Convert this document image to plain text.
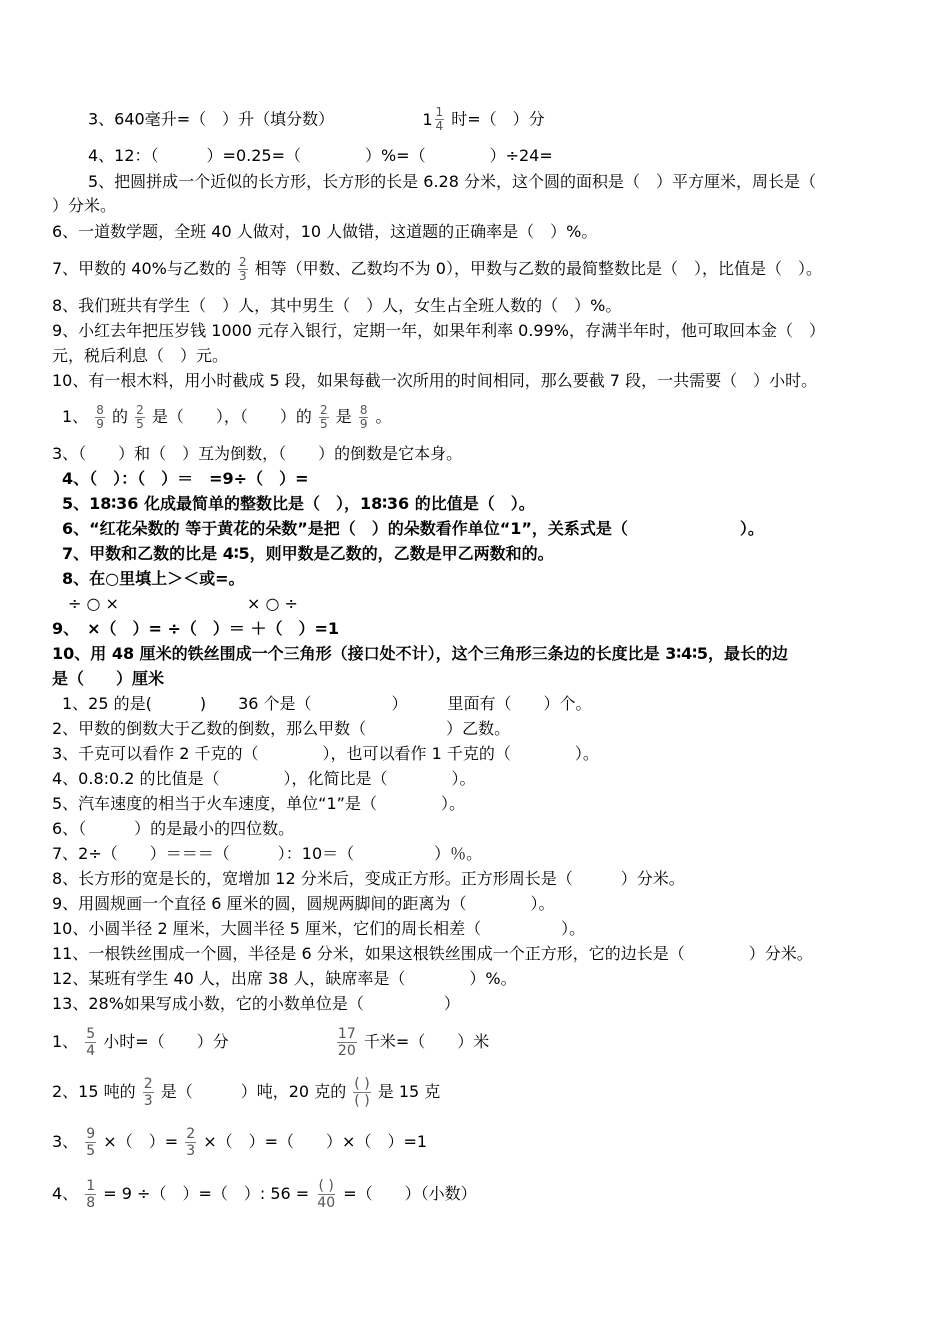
3、640毫升=（　）升（填分数）	$1 \frac{1}{4}$ 时=（　）分
4、12：（　　　）=0.25=（　　　　）%=（　　　　）÷24=
5、把圆拼成一个近似的长方形，长方形的长是 6.28 分米，这个圆的面积是（　）平方厘米，周长是（
）分米。
6、一道数学题，全班 40 人做对，10 人做错，这道题的正确率是（　）%。
7、甲数的 40%与乙数的 $\frac{2}{3}$ 相等（甲数、乙数均不为 0），甲数与乙数的最简整数比是（　），比值是（　）。
8、我们班共有学生（　）人，其中男生（　）人，女生占全班人数的（　）%。
9、小红去年把压岁钱 1000 元存入银行，定期一年，如果年利率 0.99%，存满半年时，他可取回本金（　）
元，税后利息（　）元。
10、有一根木料，用小时截成 5 段，如果每截一次所用的时间相同，那么要截 7 段，一共需要（　）小时。
1、 $\frac{8}{9}$ 的 $\frac{2}{5}$ 是（　　），（　　）的 $\frac{2}{5}$ 是 $\frac{8}{9}$ 。
3、（　　）和（　）互为倒数，（　　）的倒数是它本身。
4、（　）：（　）＝　=9÷（　）=
5、18∶36 化成最简单的整数比是（　），18∶36 的比值是（　）。
6、“红花朵数的 等于黄花的朵数”是把（　）的朵数看作单位“1”，关系式是（　　　　　　　）。
7、甲数和乙数的比是 4∶5，则甲数是乙数的，乙数是甲乙两数和的。
8、在○里填上＞＜或=。
÷ ○ ×　　　　　　　　× ○ ÷
9、　×（　）= ÷（　）＝ ＋（　）=1
10、用 48 厘米的铁丝围成一个三角形（接口处不计），这个三角形三条边的长度比是 3∶4∶5，最长的边
是（　　）厘米
1、25 的是(　　　)　　36 个是（　　　　　）　　　里面有（　　）个。
2、甲数的倒数大于乙数的倒数，那么甲数（　　　　　）乙数。
3、千克可以看作 2 千克的（　　　　），也可以看作 1 千克的（　　　　）。
4、0.8:0.2 的比值是（　　　　），化简比是（　　　　）。
5、汽车速度的相当于火车速度，单位“1”是（　　　　）。
6、（　　　）的是最小的四位数。
7、2÷（　　）＝＝＝（　　　）：10＝（　　　　　）％。
8、长方形的宽是长的，宽增加 12 分米后，变成正方形。正方形周长是（　　　）分米。
9、用圆规画一个直径 6 厘米的圆，圆规两脚间的距离为（　　　　）。
10、小圆半径 2 厘米，大圆半径 5 厘米，它们的周长相差（　　　　　）。
11、一根铁丝围成一个圆，半径是 6 分米，如果这根铁丝围成一个正方形，它的边长是（　　　　）分米。
12、某班有学生 40 人，出席 38 人，缺席率是（　　　　）%。
13、28%如果写成小数，它的小数单位是（　　　　　）
1、 $\frac{5}{4}$ 小时=（　　）分	$\frac{17}{20}$ 千米=（　　）米
2、15 吨的 $\frac{2}{3}$ 是（　　　）吨，20 克的 $\frac{( )}{( )}$ 是 15 克
3、 $\frac{9}{5}$ ×（　）= $\frac{2}{3}$ ×（　）=（　　）×（　）=1
4、 $\frac{1}{8} = 9$ ÷（　）=（　）: $56 = \frac{( )}{40}$ =（　　）（小数）
